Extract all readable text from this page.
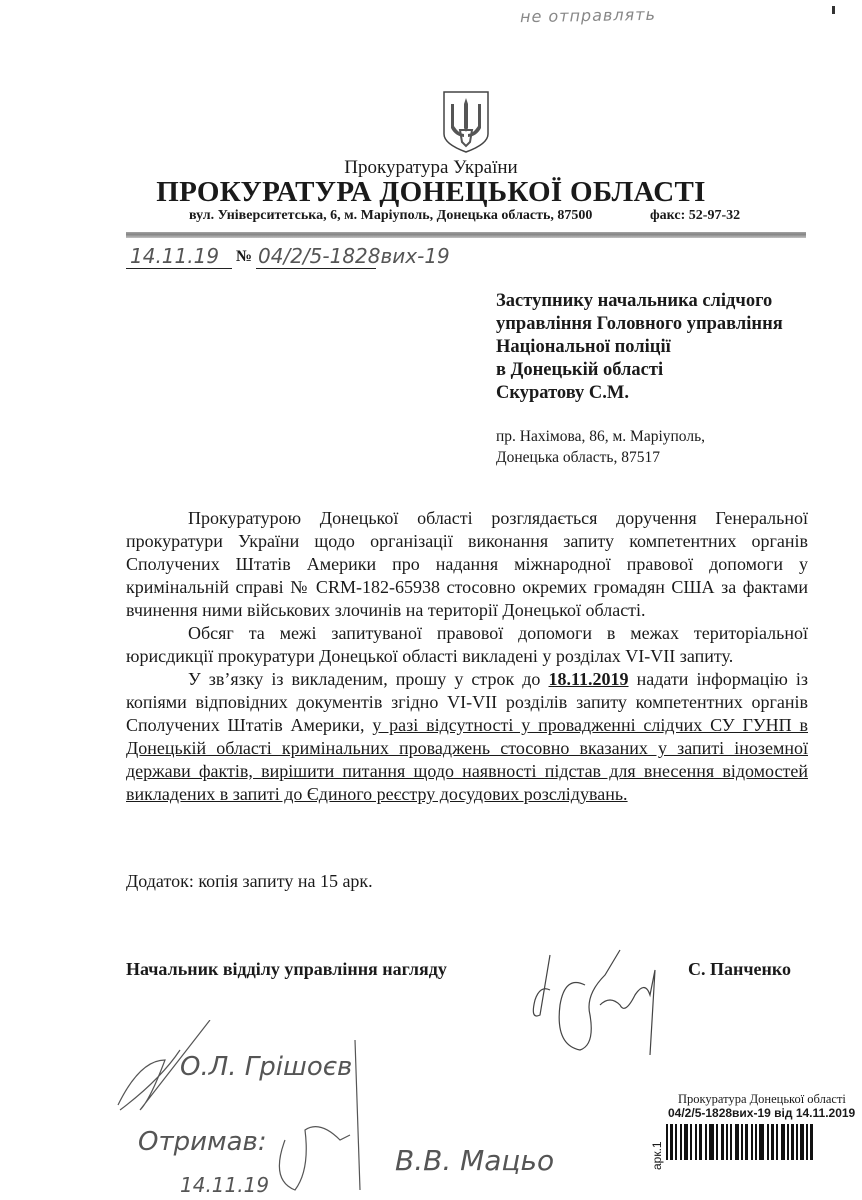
не отправлять
Прокуратура України
ПРОКУРАТУРА ДОНЕЦЬКОЇ ОБЛАСТІ
вул. Університетська, 6, м. Маріуполь, Донецька область, 87500	факс: 52-97-32
14.11.19 № 04/2/5-1828вих-19
Заступнику начальника слідчого
управління Головного управління
Національної поліції
в Донецькій області
Скуратову С.М.
пр. Нахімова, 86, м. Маріуполь,
Донецька область, 87517

Прокуратурою Донецької області розглядається доручення Генеральної прокуратури України щодо організації виконання запиту компетентних органів Сполучених Штатів Америки про надання міжнародної правової допомоги у кримінальній справі № CRM-182-65938 стосовно окремих громадян США за фактами вчинення ними військових злочинів на території Донецької області.

Обсяг та межі запитуваної правової допомоги в межах територіальної юрисдикції прокуратури Донецької області викладені у розділах VI-VII запиту.

У зв’язку із викладеним, прошу у строк до 18.11.2019 надати інформацію із копіями відповідних документів згідно VI-VII розділів запиту компетентних органів Сполучених Штатів Америки, у разі відсутності у провадженні слідчих СУ ГУНП в Донецькій області кримінальних проваджень стосовно вказаних у запиті іноземної держави фактів, вирішити питання щодо наявності підстав для внесення відомостей викладених в запиті до Єдиного реєстру досудових розслідувань.

Додаток: копія запиту на 15 арк.
Начальник відділу управління нагляду	С. Панченко
О.Л. Грішоєв
Отримав:
14.11.19
В.В. Мацьо
Прокуратура Донецької області
04/2/5-1828вих-19 від 14.11.2019
арк.1
